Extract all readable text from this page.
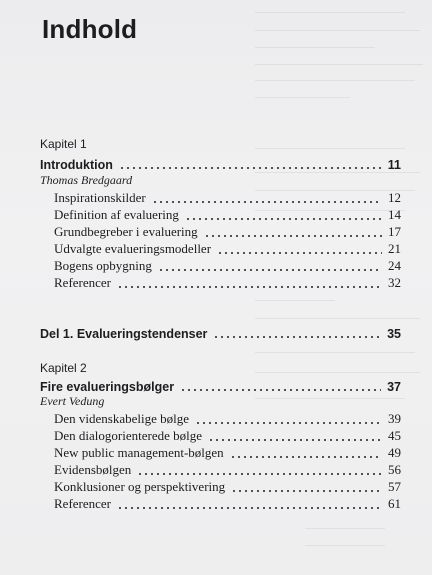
Indhold
Kapitel 1
Introduktion	11
Thomas Bredgaard
Inspirationskilder	12
Definition af evaluering	14
Grundbegreber i evaluering	17
Udvalgte evalueringsmodeller	21
Bogens opbygning	24
Referencer	32
Del 1. Evalueringstendenser	35
Kapitel 2
Fire evalueringsbølger	37
Evert Vedung
Den videnskabelige bølge	39
Den dialogorienterede bølge	45
New public management-bølgen	49
Evidensbølgen	56
Konklusioner og perspektivering	57
Referencer	61
